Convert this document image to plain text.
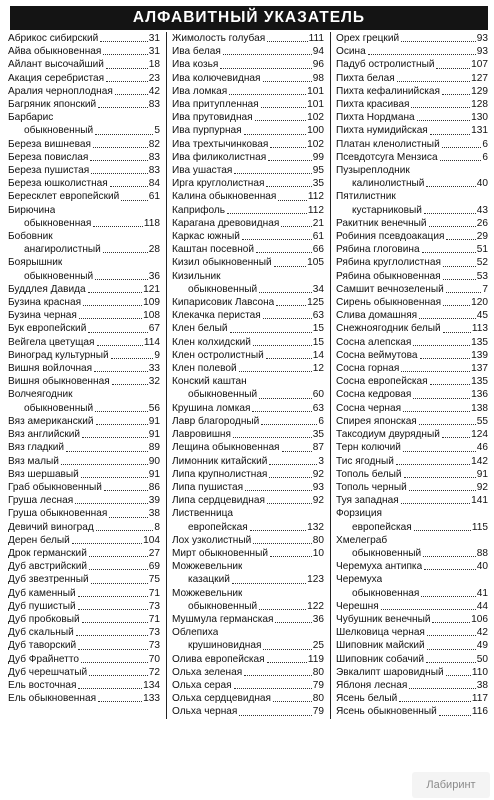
АЛФАВИТНЫЙ УКАЗАТЕЛЬ
Абрикос сибирский	31
Айва обыкновенная	31
Айлант высочайший	18
Акация серебристая	23
Аралия черноплодная	42
Багряник японский	83
Барбарис
обыкновенный	5
Береза вишневая	82
Береза повислая	83
Береза пушистая	83
Береза юшколистная	84
Бересклет европейский	61
Бирючина
обыкновенная	118
Бобовник
анагиролистный	28
Боярышник
обыкновенный	36
Буддлея Давида	121
Бузина красная	109
Бузина черная	108
Бук европейский	67
Вейгела цветущая	114
Виноград культурный	9
Вишня войлочная	33
Вишня обыкновенная	32
Волчеягодник
обыкновенный	56
Вяз американский	91
Вяз английский	91
Вяз гладкий	89
Вяз малый	90
Вяз шершавый	91
Граб обыкновенный	86
Груша лесная	39
Груша обыкновенная	38
Девичий виноград	8
Дерен белый	104
Дрок германский	27
Дуб австрийский	69
Дуб звезтренный	75
Дуб каменный	71
Дуб пушистый	73
Дуб пробковый	71
Дуб скальный	73
Дуб таворский	73
Дуб Фрайнетто	70
Дуб черешчатый	72
Ель восточная	134
Ель обыкновенная	133
Жимолость голубая	111
Ива белая	94
Ива козья	96
Ива колючевидная	98
Ива ломкая	101
Ива притупленная	101
Ива прутовидная	102
Ива пурпурная	100
Ива трехтычинковая	102
Ива филиколистная	99
Ива ушастая	95
Ирга круглолистная	35
Калина обыкновенная	112
Каприфоль	112
Карагана древовидная	21
Каркас южный	61
Каштан посевной	66
Кизил обыкновенный	105
Кизильник
обыкновенный	34
Кипарисовик Лавсона	125
Клекачка перистая	63
Клен белый	15
Клен колхидский	15
Клен остролистный	14
Клен полевой	12
Конский каштан
обыкновенный	60
Крушина ломкая	63
Лавр благородный	6
Лавровишня	35
Лещина обыкновенная	87
Лимонник китайский	3
Липа крупнолистная	92
Липа пушистая	93
Липа сердцевидная	92
Лиственница
европейская	132
Лох узколистный	80
Мирт обыкновенный	10
Можжевельник
казацкий	123
Можжевельник
обыкновенный	122
Мушмула германская	36
Облепиха
крушиновидная	25
Олива европейская	119
Ольха зеленая	80
Ольха серая	79
Ольха сердцевидная	80
Ольха черная	79
Орех грецкий	93
Осина	93
Падуб остролистный	107
Пихта белая	127
Пихта кефалинийская	129
Пихта красивая	128
Пихта Нордмана	130
Пихта нумидийская	131
Платан кленолистный	6
Псевдотсуга Мензиса	6
Пузыреплодник
калинолистный	40
Пятилистник
кустарниковый	43
Ракитник венечный	26
Робиния псевдоакация	29
Рябина глоговина	51
Рябина круглолистная	52
Рябина обыкновенная	53
Самшит вечнозеленый	7
Сирень обыкновенная	120
Слива домашняя	45
Снежноягодник белый	113
Сосна алепская	135
Сосна веймутова	139
Сосна горная	137
Сосна европейская	135
Сосна кедровая	136
Сосна черная	138
Спирея японская	55
Таксодиум двурядный	124
Терн колючий	46
Тис ягодный	142
Тополь белый	91
Тополь черный	92
Туя западная	141
Форзиция
европейская	115
Хмелеграб
обыкновенный	88
Черемуха антипка	40
Черемуха
обыкновенная	41
Черешня	44
Чубушник венечный	106
Шелковица черная	42
Шиповник майский	49
Шиповник собачий	50
Эвкалипт шаровидный	110
Яблоня лесная	38
Ясень белый	117
Ясень обыкновенный	116
Лабиринт
